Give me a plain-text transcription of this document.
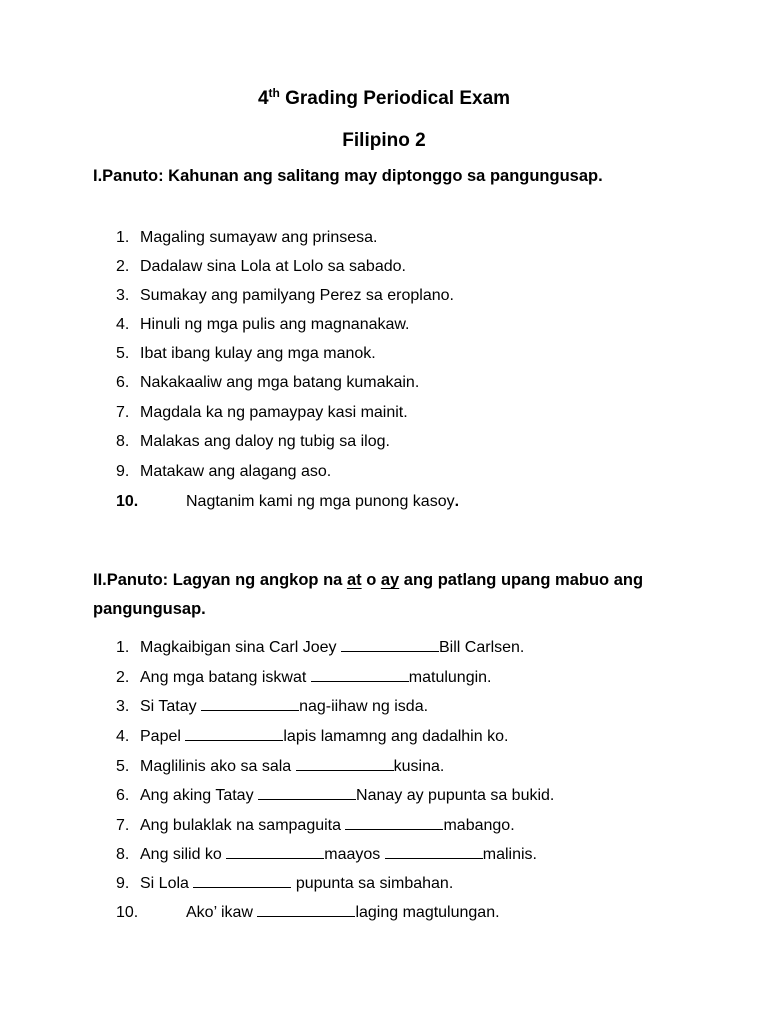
4th Grading Periodical Exam
Filipino 2
I.Panuto: Kahunan ang salitang may diptonggo sa pangungusap.
1. Magaling sumayaw ang prinsesa.
2. Dadalaw sina Lola at Lolo sa sabado.
3. Sumakay ang pamilyang Perez sa eroplano.
4. Hinuli ng mga pulis ang magnanakaw.
5. Ibat ibang kulay ang mga manok.
6. Nakakaaliw ang mga batang kumakain.
7. Magdala ka ng pamaypay kasi mainit.
8. Malakas ang daloy ng tubig sa ilog.
9. Matakaw ang alagang aso.
10.	Nagtanim kami ng mga punong kasoy.
II.Panuto: Lagyan ng angkop na at o ay ang patlang upang mabuo ang pangungusap.
1. Magkaibigan sina Carl Joey	Bill Carlsen.
2. Ang mga batang iskwat	matulungin.
3. Si Tatay	nag-iihaw ng isda.
4. Papel	lapis lamamng ang dadalhin ko.
5. Maglilinis ako sa sala	kusina.
6. Ang aking Tatay	Nanay ay pupunta sa bukid.
7. Ang bulaklak na sampaguita	mabango.
8. Ang silid ko	maayos	malinis.
9. Si Lola	pupunta sa simbahan.
10.	Ako’ ikaw	laging magtulungan.
